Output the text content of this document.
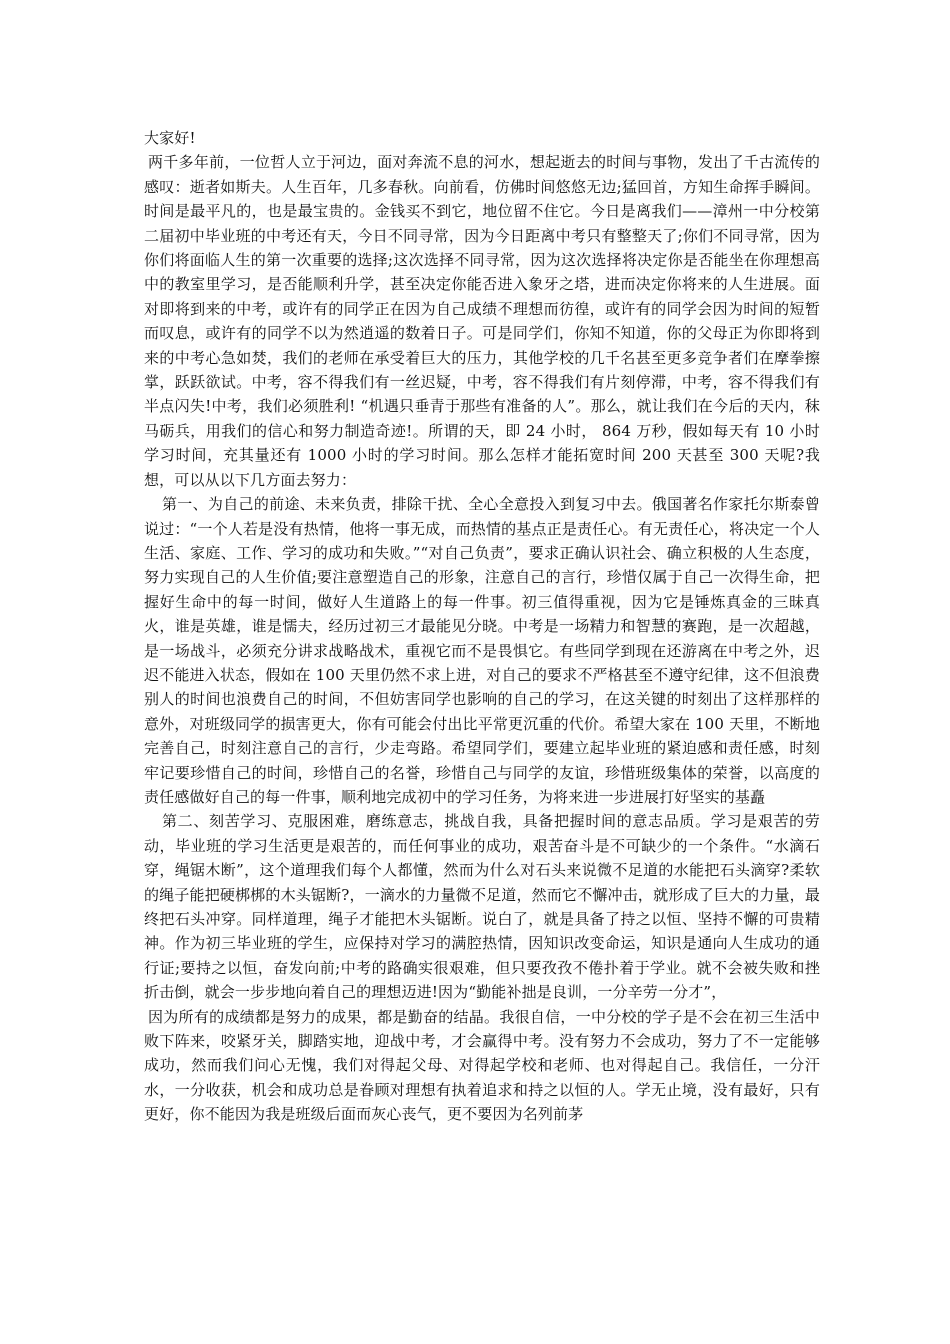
大家好!

两千多年前，一位哲人立于河边，面对奔流不息的河水，想起逝去的时间与事物，发出了千古流传的感叹：逝者如斯夫。人生百年，几多春秋。向前看，仿佛时间悠悠无边;猛回首，方知生命挥手瞬间。时间是最平凡的，也是最宝贵的。金钱买不到它，地位留不住它。今日是离我们——漳州一中分校第二届初中毕业班的中考还有天，今日不同寻常，因为今日距离中考只有整整天了;你们不同寻常，因为你们将面临人生的第一次重要的选择;这次选择不同寻常，因为这次选择将决定你是否能坐在你理想高中的教室里学习，是否能顺利升学，甚至决定你能否进入象牙之塔，进而决定你将来的人生进展。面对即将到来的中考，或许有的同学正在因为自己成绩不理想而彷徨，或许有的同学会因为时间的短暂而叹息，或许有的同学不以为然逍遥的数着日子。可是同学们，你知不知道，你的父母正为你即将到来的中考心急如焚，我们的老师在承受着巨大的压力，其他学校的几千名甚至更多竞争者们在摩拳擦掌，跃跃欲试。中考，容不得我们有一丝迟疑，中考，容不得我们有片刻停滞，中考，容不得我们有半点闪失!中考，我们必须胜利! “机遇只垂青于那些有准备的人”。那么，就让我们在今后的天内，秣马砺兵，用我们的信心和努力制造奇迹!。所谓的天，即 24 小时， 864 万秒，假如每天有 10 小时学习时间，充其量还有 1000 小时的学习时间。那么怎样才能拓宽时间 200 天甚至 300 天呢?我想，可以从以下几方面去努力：

第一、为自己的前途、未来负责，排除干扰、全心全意投入到复习中去。俄国著名作家托尔斯泰曾说过：“一个人若是没有热情，他将一事无成，而热情的基点正是责任心。有无责任心，将决定一个人生活、家庭、工作、学习的成功和失败。”“对自己负责”，要求正确认识社会、确立积极的人生态度，努力实现自己的人生价值;要注意塑造自己的形象，注意自己的言行，珍惜仅属于自己一次得生命，把握好生命中的每一时间，做好人生道路上的每一件事。初三值得重视，因为它是锤炼真金的三昧真火，谁是英雄，谁是懦夫，经历过初三才最能见分晓。中考是一场精力和智慧的赛跑，是一次超越，是一场战斗，必须充分讲求战略战术，重视它而不是畏惧它。有些同学到现在还游离在中考之外，迟迟不能进入状态，假如在 100 天里仍然不求上进，对自己的要求不严格甚至不遵守纪律，这不但浪费别人的时间也浪费自己的时间，不但妨害同学也影响的自己的学习，在这关键的时刻出了这样那样的意外，对班级同学的损害更大，你有可能会付出比平常更沉重的代价。希望大家在 100 天里，不断地完善自己，时刻注意自己的言行，少走弯路。希望同学们，要建立起毕业班的紧迫感和责任感，时刻牢记要珍惜自己的时间，珍惜自己的名誉，珍惜自己与同学的友谊，珍惜班级集体的荣誉，以高度的责任感做好自己的每一件事，顺利地完成初中的学习任务，为将来进一步进展打好坚实的基矗

第二、刻苦学习、克服困难，磨练意志，挑战自我，具备把握时间的意志品质。学习是艰苦的劳动，毕业班的学习生活更是艰苦的，而任何事业的成功，艰苦奋斗是不可缺少的一个条件。“水滴石穿，绳锯木断”，这个道理我们每个人都懂，然而为什么对石头来说微不足道的水能把石头滴穿?柔软的绳子能把硬梆梆的木头锯断?，一滴水的力量微不足道，然而它不懈冲击，就形成了巨大的力量，最终把石头冲穿。同样道理，绳子才能把木头锯断。说白了，就是具备了持之以恒、坚持不懈的可贵精神。作为初三毕业班的学生，应保持对学习的满腔热情，因知识改变命运，知识是通向人生成功的通行证;要持之以恒，奋发向前;中考的路确实很艰难，但只要孜孜不倦扑着于学业。就不会被失败和挫折击倒，就会一步步地向着自己的理想迈进!因为“勤能补拙是良训，一分辛劳一分才”，

因为所有的成绩都是努力的成果，都是勤奋的结晶。我很自信，一中分校的学子是不会在初三生活中败下阵来，咬紧牙关，脚踏实地，迎战中考，才会赢得中考。没有努力不会成功，努力了不一定能够成功，然而我们问心无愧，我们对得起父母、对得起学校和老师、也对得起自己。我信任，一分汗水，一分收获，机会和成功总是眷顾对理想有执着追求和持之以恒的人。学无止境，没有最好，只有更好，你不能因为我是班级后面而灰心丧气，更不要因为名列前茅
